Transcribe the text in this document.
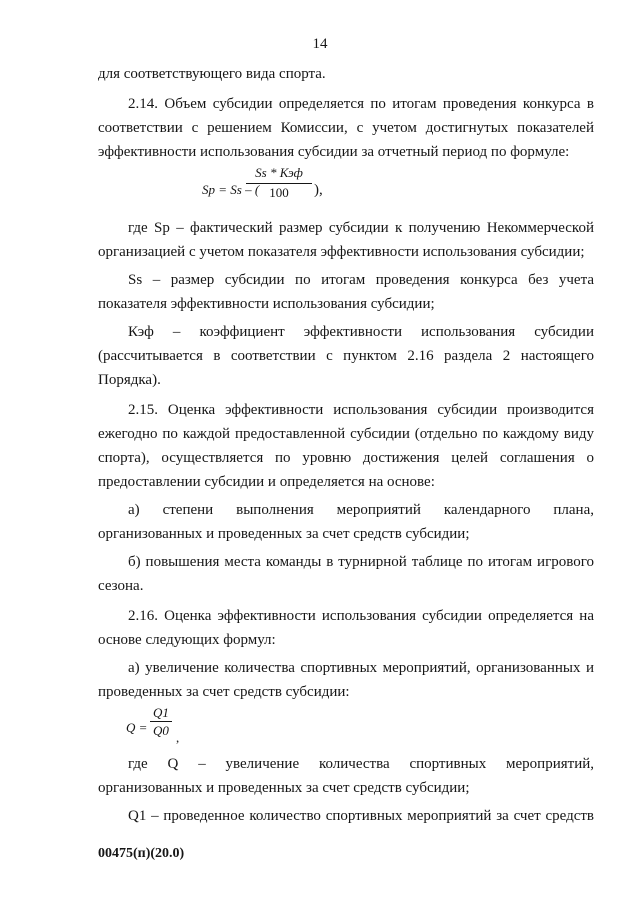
14

для соответствующего вида спорта.

2.14. Объем субсидии определяется по итогам проведения конкурса в соответствии с решением Комиссии, с учетом достигнутых показателей эффективности использования субсидии за отчетный период по формуле:

Sp = Ss – (
Ss * Кэф
100	),

где Sp – фактический размер субсидии к получению Некоммерческой организацией с учетом показателя эффективности использования субсидии;

Ss – размер субсидии по итогам проведения конкурса без учета показателя эффективности использования субсидии;

Кэф – коэффициент эффективности использования субсидии (рассчитывается в соответствии с пунктом 2.16 раздела 2 настоящего Порядка).

2.15. Оценка эффективности использования субсидии производится ежегодно по каждой предоставленной субсидии (отдельно по каждому виду спорта), осуществляется по уровню достижения целей соглашения о предоставлении субсидии и определяется на основе:

а) степени выполнения мероприятий календарного плана, организованных и проведенных за счет средств субсидии;

б) повышения места команды в турнирной таблице по итогам игрового сезона.

2.16. Оценка эффективности использования субсидии определяется на основе следующих формул:

а) увеличение количества спортивных мероприятий, организованных и проведенных за счет средств субсидии:

$Q = \frac{Q1}{Q0}$ ,

где Q – увеличение количества спортивных мероприятий, организованных и проведенных за счет средств субсидии;

Q1 – проведенное количество спортивных мероприятий за счет средств

00475(п)(20.0)
